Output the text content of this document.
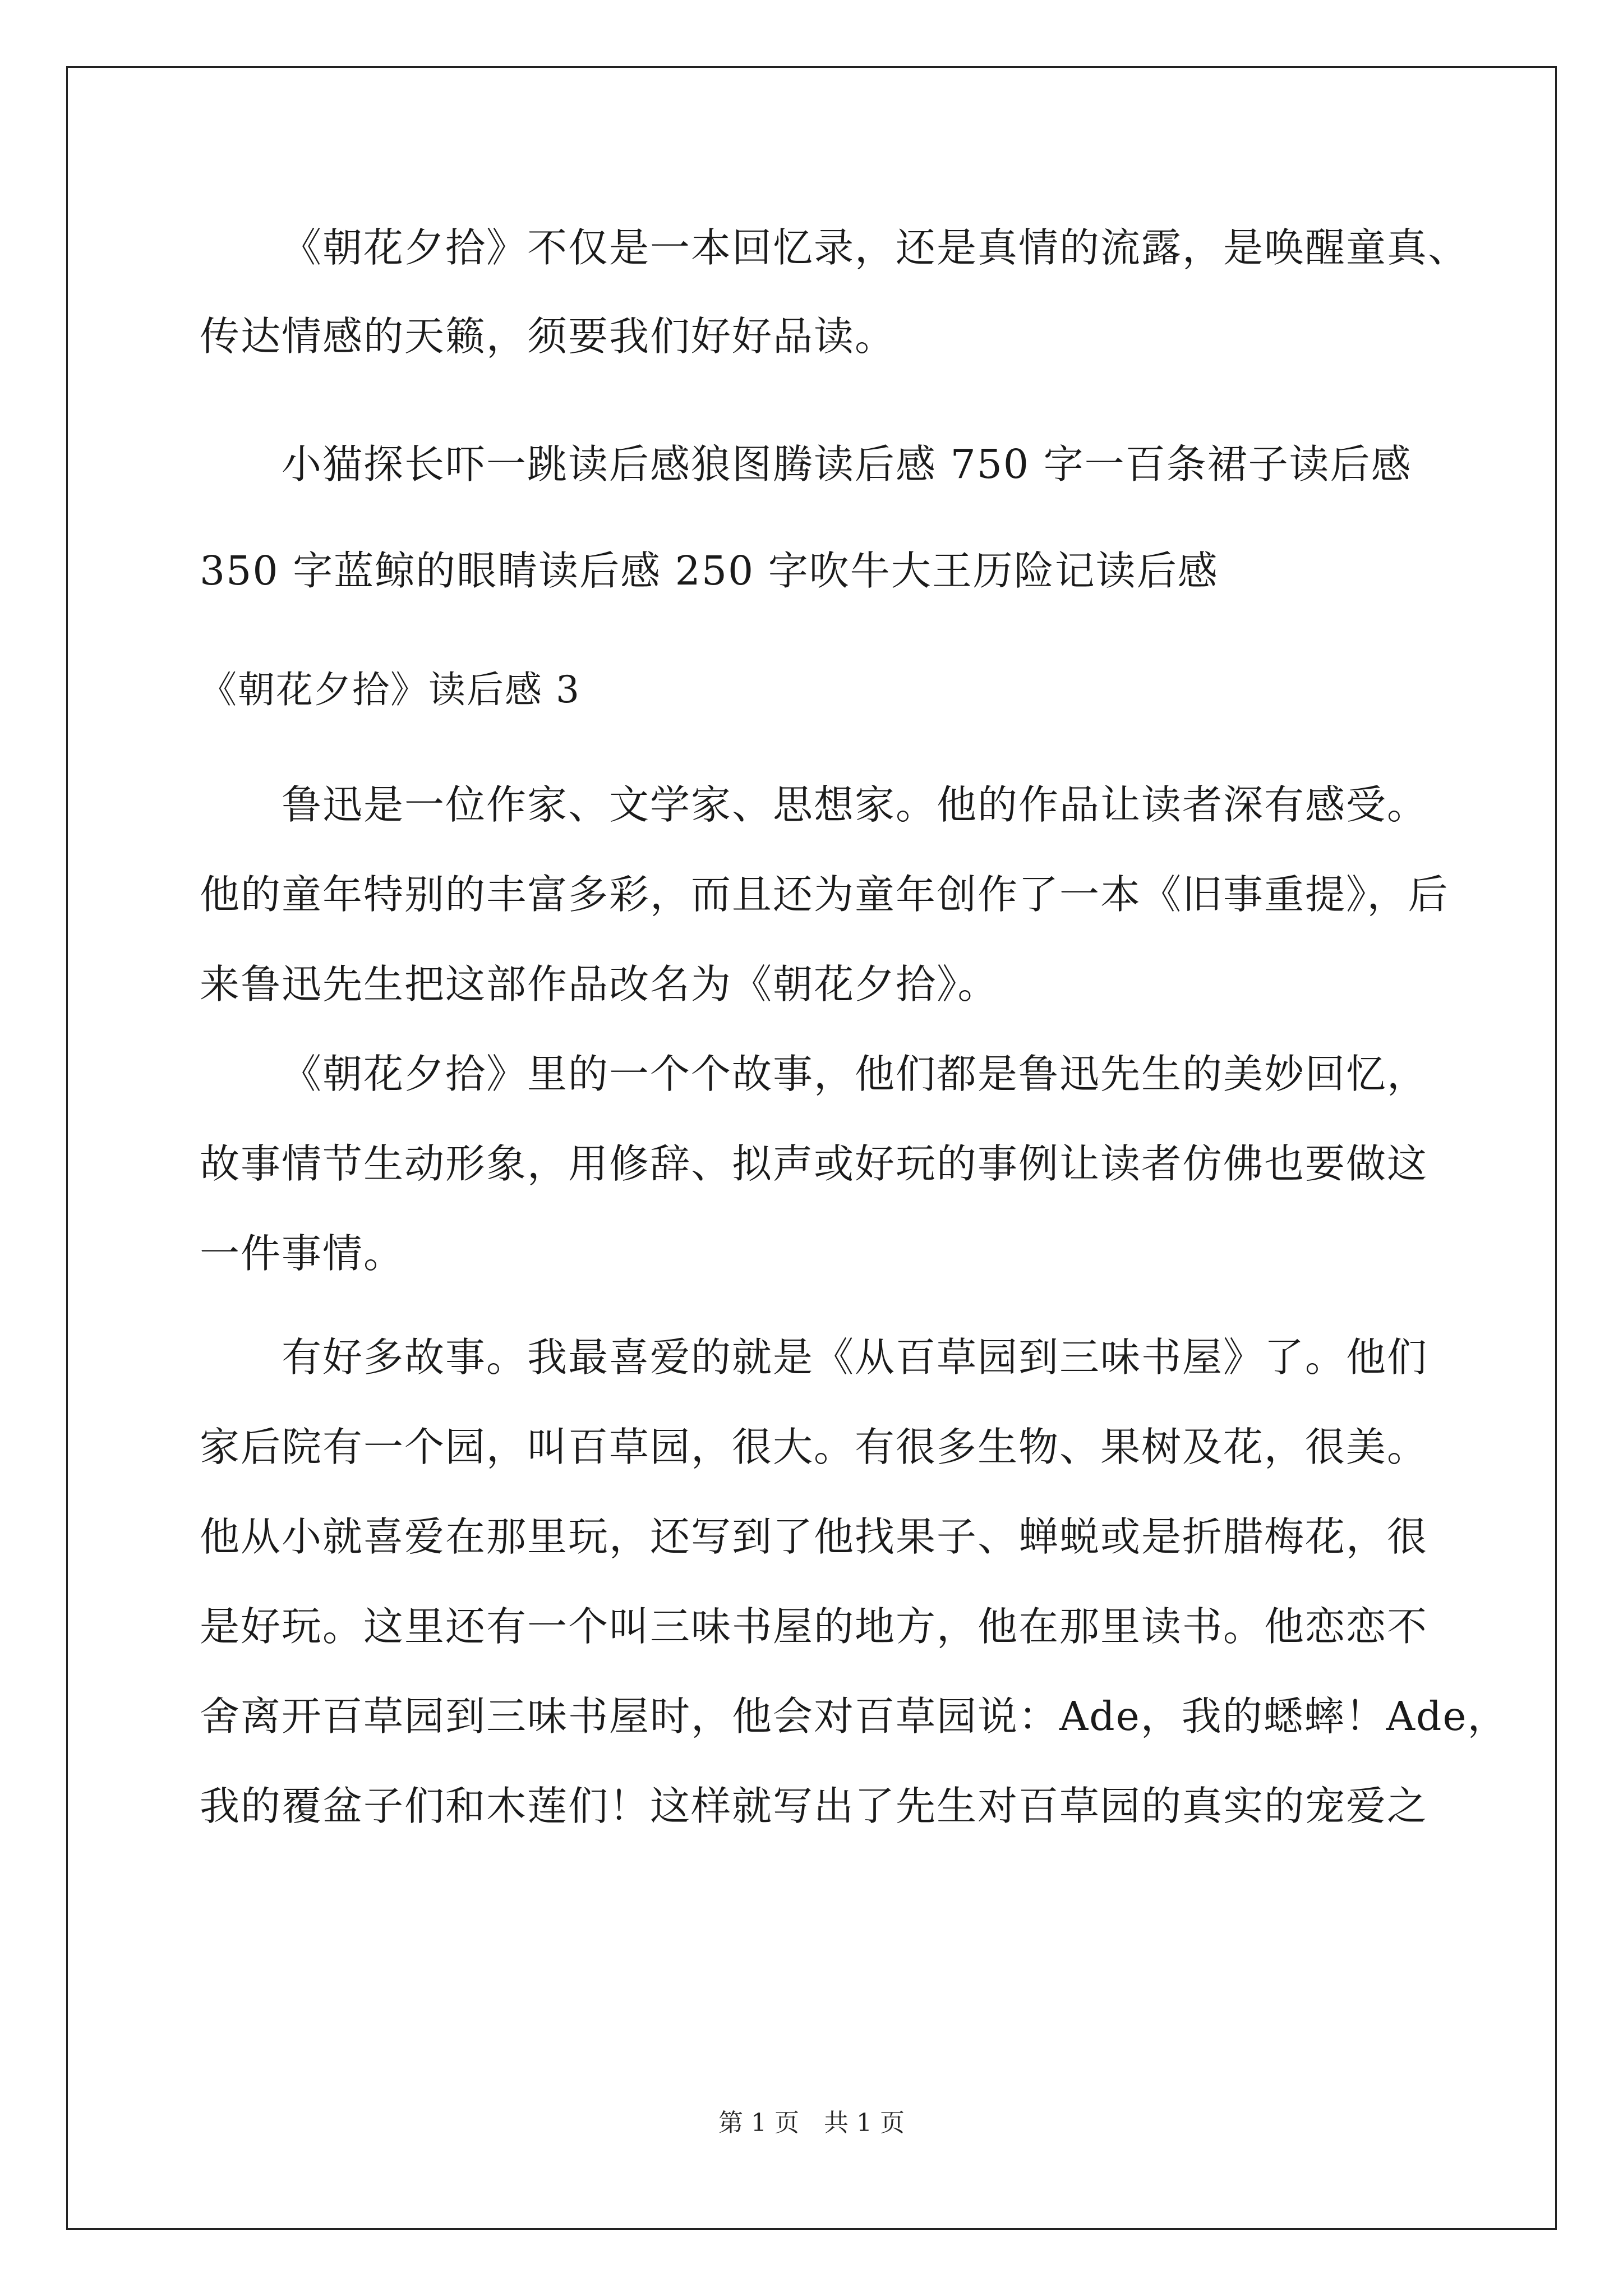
《朝花夕拾》不仅是一本回忆录，还是真情的流露，是唤醒童真、
传达情感的天籁，须要我们好好品读。
小猫探长吓一跳读后感狼图腾读后感 750 字一百条裙子读后感
350 字蓝鲸的眼睛读后感 250 字吹牛大王历险记读后感
《朝花夕拾》读后感 3
鲁迅是一位作家、文学家、思想家。他的作品让读者深有感受。
他的童年特别的丰富多彩，而且还为童年创作了一本《旧事重提》，后
来鲁迅先生把这部作品改名为《朝花夕拾》。
《朝花夕拾》里的一个个故事，他们都是鲁迅先生的美妙回忆，
故事情节生动形象，用修辞、拟声或好玩的事例让读者仿佛也要做这
一件事情。
有好多故事。我最喜爱的就是《从百草园到三味书屋》了。他们
家后院有一个园，叫百草园，很大。有很多生物、果树及花，很美。
他从小就喜爱在那里玩，还写到了他找果子、蝉蜕或是折腊梅花，很
是好玩。这里还有一个叫三味书屋的地方，他在那里读书。他恋恋不
舍离开百草园到三味书屋时，他会对百草园说：Ade，我的蟋蟀！Ade，
我的覆盆子们和木莲们！这样就写出了先生对百草园的真实的宠爱之
第 1 页　共 1 页
